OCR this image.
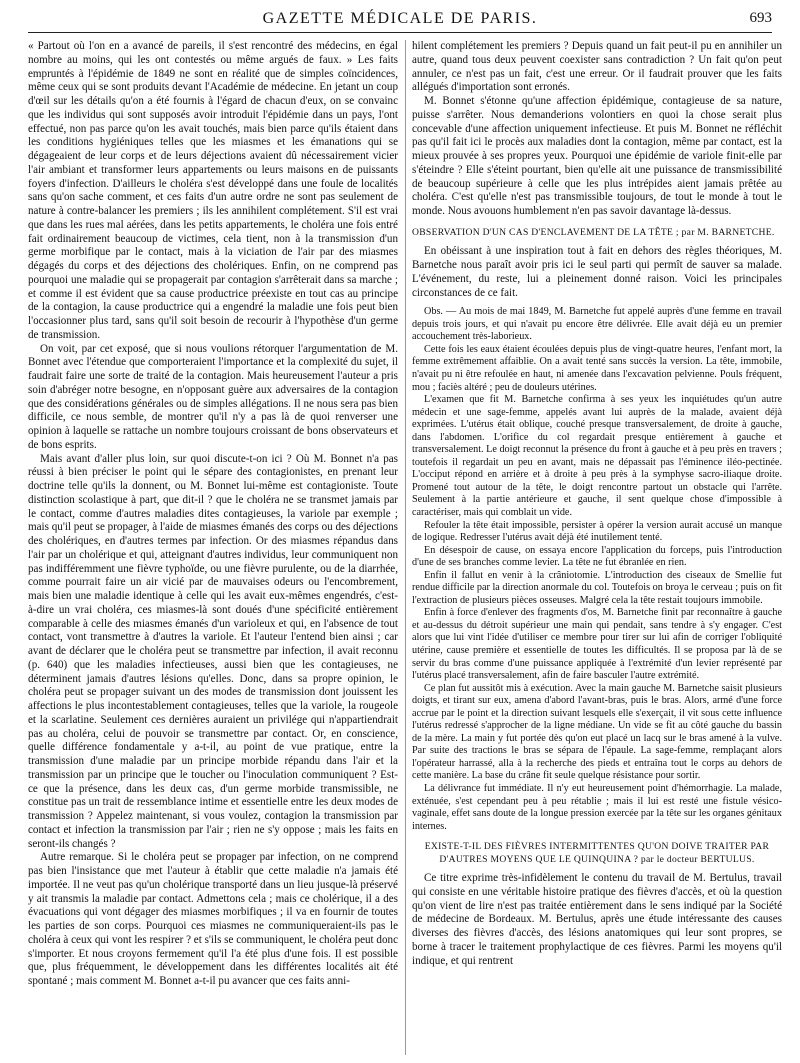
GAZETTE MÉDICALE DE PARIS.	693

« Partout où l'on en a avancé de pareils, il s'est rencontré des médecins, en égal nombre au moins, qui les ont contestés ou même argués de faux. » Les faits empruntés à l'épidémie de 1849 ne sont en réalité que de simples coïncidences, même ceux qui se sont produits devant l'Académie de médecine. En jetant un coup d'œil sur les détails qu'on a été fournis à l'égard de chacun d'eux, on se convainc que les individus qui sont supposés avoir introduit l'épidémie dans un pays, l'ont effectué, non pas parce qu'on les avait touchés, mais bien parce qu'ils étaient dans les conditions hygiéniques telles que les miasmes et les émanations qui se dégageaient de leur corps et de leurs déjections avaient dû nécessairement vicier l'air ambiant et transformer leurs appartements ou leurs maisons en de puissants foyers d'infection. D'ailleurs le choléra s'est développé dans une foule de localités sans qu'on sache comment, et ces faits d'un autre ordre ne sont pas seulement de nature à contre-balancer les premiers ; ils les annihilent complétement. S'il est vrai que dans les rues mal aérées, dans les petits appartements, le choléra une fois entré fait ordinairement beaucoup de victimes, cela tient, non à la transmission d'un germe morbifique par le contact, mais à la viciation de l'air par des miasmes dégagés du corps et des déjections des cholériques. Enfin, on ne comprend pas pourquoi une maladie qui se propagerait par contagion s'arrêterait dans sa marche ; et comme il est évident que sa cause productrice préexiste en tout cas au principe de la contagion, la cause productrice qui a engendré la maladie une fois peut bien l'occasionner plus tard, sans qu'il soit besoin de recourir à l'hypothèse d'un germe de transmission.

On voit, par cet exposé, que si nous voulions rétorquer l'argumentation de M. Bonnet avec l'étendue que comporteraient l'importance et la complexité du sujet, il faudrait faire une sorte de traité de la contagion. Mais heureusement l'auteur a pris soin d'abréger notre besogne, en n'opposant guère aux adversaires de la contagion que des considérations générales ou de simples allégations. Il ne nous sera pas bien difficile, ce nous semble, de montrer qu'il n'y a pas là de quoi renverser une opinion à laquelle se rattache un nombre toujours croissant de bons observateurs et de bons esprits.

Mais avant d'aller plus loin, sur quoi discute-t-on ici ? Où M. Bonnet n'a pas réussi à bien préciser le point qui le sépare des contagionistes, en prenant leur doctrine telle qu'ils la donnent, ou M. Bonnet lui-même est contagioniste. Toute distinction scolastique à part, que dit-il ? que le choléra ne se transmet jamais par le contact, comme d'autres maladies dites contagieuses, la variole par exemple ; mais qu'il peut se propager, à l'aide de miasmes émanés des corps ou des déjections des cholériques, en d'autres termes par infection. Or des miasmes répandus dans l'air par un cholérique et qui, atteignant d'autres individus, leur communiquent non pas indifféremment une fièvre typhoïde, ou une fièvre purulente, ou de la diarrhée, comme pourrait faire un air vicié par de mauvaises odeurs ou l'encombrement, mais bien une maladie identique à celle qui les avait eux-mêmes engendrés, c'est-à-dire un vrai choléra, ces miasmes-là sont doués d'une spécificité entièrement comparable à celle des miasmes émanés d'un varioleux et qui, en l'absence de tout contact, vont transmettre à d'autres la variole. Et l'auteur l'entend bien ainsi ; car avant de déclarer que le choléra peut se transmettre par infection, il avait reconnu (p. 640) que les maladies infectieuses, aussi bien que les contagieuses, ne déterminent jamais d'autres lésions qu'elles. Donc, dans sa propre opinion, le choléra peut se propager suivant un des modes de transmission dont jouissent les affections le plus incontestablement contagieuses, telles que la variole, la rougeole et la scarlatine. Seulement ces dernières auraient un privilége qui n'appartiendrait pas au choléra, celui de pouvoir se transmettre par contact. Or, en conscience, quelle différence fondamentale y a-t-il, au point de vue pratique, entre la transmission d'une maladie par un principe morbide répandu dans l'air et la transmission par un principe que le toucher ou l'inoculation communiquent ? Est-ce que la présence, dans les deux cas, d'un germe morbide transmissible, ne constitue pas un trait de ressemblance intime et essentielle entre les deux modes de transmission ? Appelez maintenant, si vous voulez, contagion la transmission par contact et infection la transmission par l'air ; rien ne s'y oppose ; mais les faits en seront-ils changés ?

Autre remarque. Si le choléra peut se propager par infection, on ne comprend pas bien l'insistance que met l'auteur à établir que cette maladie n'a jamais été importée. Il ne veut pas qu'un cholérique transporté dans un lieu jusque-là préservé y ait transmis la maladie par contact. Admettons cela ; mais ce cholérique, il a des évacuations qui vont dégager des miasmes morbifiques ; il va en fournir de toutes les parties de son corps. Pourquoi ces miasmes ne communiqueraient-ils pas le choléra à ceux qui vont les respirer ? et s'ils se communiquent, le choléra peut donc s'importer. Et nous croyons fermement qu'il l'a été plus d'une fois. Il est possible que, plus fréquemment, le développement dans les différentes localités ait été spontané ; mais comment M. Bonnet a-t-il pu avancer que ces faits anni-

hilent complétement les premiers ? Depuis quand un fait peut-il pu en annihiler un autre, quand tous deux peuvent coexister sans contradiction ? Un fait qu'on peut annuler, ce n'est pas un fait, c'est une erreur. Or il faudrait prouver que les faits allégués d'importation sont erronés.

M. Bonnet s'étonne qu'une affection épidémique, contagieuse de sa nature, puisse s'arrêter. Nous demanderions volontiers en quoi la chose serait plus concevable d'une affection uniquement infectieuse. Et puis M. Bonnet ne réfléchit pas qu'il fait ici le procès aux maladies dont la contagion, même par contact, est la mieux prouvée à ses propres yeux. Pourquoi une épidémie de variole finit-elle par s'éteindre ? Elle s'éteint pourtant, bien qu'elle ait une puissance de transmissibilité de beaucoup supérieure à celle que les plus intrépides aient jamais prêtée au choléra. C'est qu'elle n'est pas transmissible toujours, de tout le monde à tout le monde. Nous avouons humblement n'en pas savoir davantage là-dessus.

OBSERVATION D'UN CAS D'ENCLAVEMENT DE LA TÊTE ; par M. BARNETCHE.

En obéissant à une inspiration tout à fait en dehors des règles théoriques, M. Barnetche nous paraît avoir pris ici le seul parti qui permît de sauver sa malade. L'événement, du reste, lui a pleinement donné raison. Voici les principales circonstances de ce fait.

Obs. — Au mois de mai 1849, M. Barnetche fut appelé auprès d'une femme en travail depuis trois jours, et qui n'avait pu encore être délivrée. Elle avait déjà eu un premier accouchement très-laborieux.

Cette fois les eaux étaient écoulées depuis plus de vingt-quatre heures, l'enfant mort, la femme extrêmement affaiblie. On a avait tenté sans succès la version. La tête, immobile, n'avait pu ni être refoulée en haut, ni amenée dans l'excavation pelvienne. Pouls fréquent, mou ; faciès altéré ; peu de douleurs utérines.

L'examen que fit M. Barnetche confirma à ses yeux les inquiétudes qu'un autre médecin et une sage-femme, appelés avant lui auprès de la malade, avaient déjà exprimées. L'utérus était oblique, couché presque transversalement, de droite à gauche, dans l'abdomen. L'orifice du col regardait presque entièrement à gauche et transversalement. Le doigt reconnut la présence du front à gauche et à peu près en travers ; toutefois il regardait un peu en avant, mais ne dépassait pas l'éminence iléo-pectinée. L'occiput répond en arrière et à droite à peu près à la symphyse sacro-iliaque droite. Promené tout autour de la tête, le doigt rencontre partout un obstacle qui l'arrête. Seulement à la partie antérieure et gauche, il sent quelque chose d'impossible à caractériser, mais qui comblait un vide.

Refouler la tête était impossible, persister à opérer la version aurait accusé un manque de logique. Redresser l'utérus avait déjà été inutilement tenté.

En désespoir de cause, on essaya encore l'application du forceps, puis l'introduction d'une de ses branches comme levier. La tête ne fut ébranlée en rien.

Enfin il fallut en venir à la crâniotomie. L'introduction des ciseaux de Smellie fut rendue difficile par la direction anormale du col. Toutefois on broya le cerveau ; puis on fit l'extraction de plusieurs pièces osseuses. Malgré cela la tête restait toujours immobile.

Enfin à force d'enlever des fragments d'os, M. Barnetche finit par reconnaître à gauche et au-dessus du détroit supérieur une main qui pendait, sans tendre à s'y engager. C'est alors que lui vint l'idée d'utiliser ce membre pour tirer sur lui afin de corriger l'obliquité utérine, cause première et essentielle de toutes les difficultés. Il se proposa par là de se servir du bras comme d'une puissance appliquée à l'extrémité d'un levier représenté par l'utérus placé transversalement, afin de faire basculer l'autre extrémité.

Ce plan fut aussitôt mis à exécution. Avec la main gauche M. Barnetche saisit plusieurs doigts, et tirant sur eux, amena d'abord l'avant-bras, puis le bras. Alors, armé d'une force accrue par le point et la direction suivant lesquels elle s'exerçait, il vit sous cette influence l'utérus redressé s'approcher de la ligne médiane. Un vide se fit au côté gauche du bassin de la mère. La main y fut portée dès qu'on eut placé un lacq sur le bras amené à la vulve. Par suite des tractions le bras se sépara de l'épaule. La sage-femme, remplaçant alors l'opérateur harrassé, alla à la recherche des pieds et entraîna tout le corps au dehors de cette manière. La base du crâne fit seule quelque résistance pour sortir.

La délivrance fut immédiate. Il n'y eut heureusement point d'hémorrhagie. La malade, exténuée, s'est cependant peu à peu rétablie ; mais il lui est resté une fistule vésico-vaginale, effet sans doute de la longue pression exercée par la tête sur les organes génitaux internes.

EXISTE-T-IL DES FIÈVRES INTERMITTENTES QU'ON DOIVE TRAITER PAR D'AUTRES MOYENS QUE LE QUINQUINA ? par le docteur BERTULUS.

Ce titre exprime très-infidèlement le contenu du travail de M. Bertulus, travail qui consiste en une véritable histoire pratique des fièvres d'accès, et où la question qu'on vient de lire n'est pas traitée entièrement dans le sens indiqué par la Société de médecine de Bordeaux. M. Bertulus, après une étude intéressante des causes diverses des fièvres d'accès, des lésions anatomiques qui leur sont propres, se borne à tracer le traitement prophylactique de ces fièvres. Parmi les moyens qu'il indique, et qui rentrent
